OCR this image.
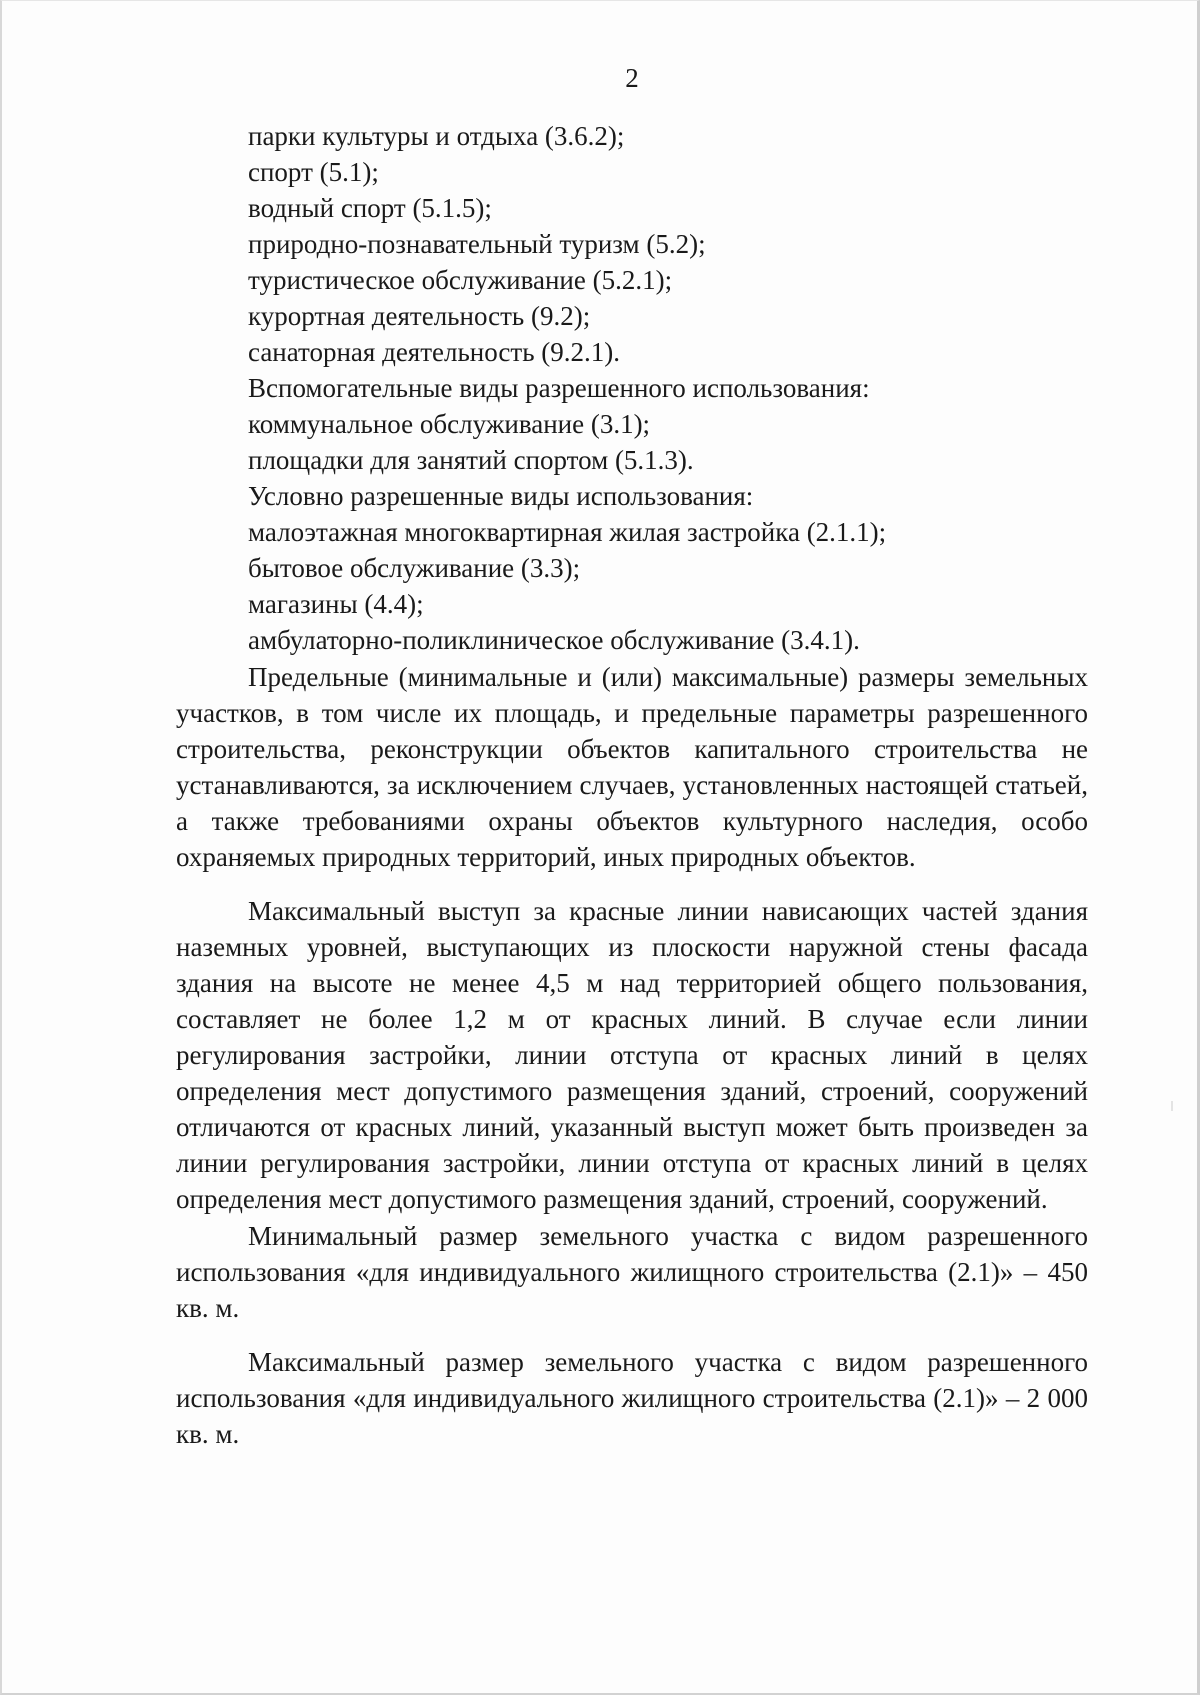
2

парки культуры и отдыха (3.6.2);

спорт (5.1);

водный спорт (5.1.5);

природно-познавательный туризм (5.2);

туристическое обслуживание (5.2.1);

курортная деятельность (9.2);

санаторная деятельность (9.2.1).

Вспомогательные виды разрешенного использования:

коммунальное обслуживание (3.1);

площадки для занятий спортом (5.1.3).

Условно разрешенные виды использования:

малоэтажная многоквартирная жилая застройка (2.1.1);

бытовое обслуживание (3.3);

магазины (4.4);

амбулаторно-поликлиническое обслуживание (3.4.1).

Предельные (минимальные и (или) максимальные) размеры земельных участков, в том числе их площадь, и предельные параметры разрешенного строительства, реконструкции объектов капитального строительства не устанавливаются, за исключением случаев, установленных настоящей статьей, а также требованиями охраны объектов культурного наследия, особо охраняемых природных территорий, иных природных объектов.

Максимальный выступ за красные линии нависающих частей здания наземных уровней, выступающих из плоскости наружной стены фасада здания на высоте не менее 4,5 м над территорией общего пользования, составляет не более 1,2 м от красных линий. В случае если линии регулирования застройки, линии отступа от красных линий в целях определения мест допустимого размещения зданий, строений, сооружений отличаются от красных линий, указанный выступ может быть произведен за линии регулирования застройки, линии отступа от красных линий в целях определения мест допустимого размещения зданий, строений, сооружений.

Минимальный размер земельного участка с видом разрешенного использования «для индивидуального жилищного строительства (2.1)» – 450 кв. м.

Максимальный размер земельного участка с видом разрешенного использования «для индивидуального жилищного строительства (2.1)» – 2 000 кв. м.
